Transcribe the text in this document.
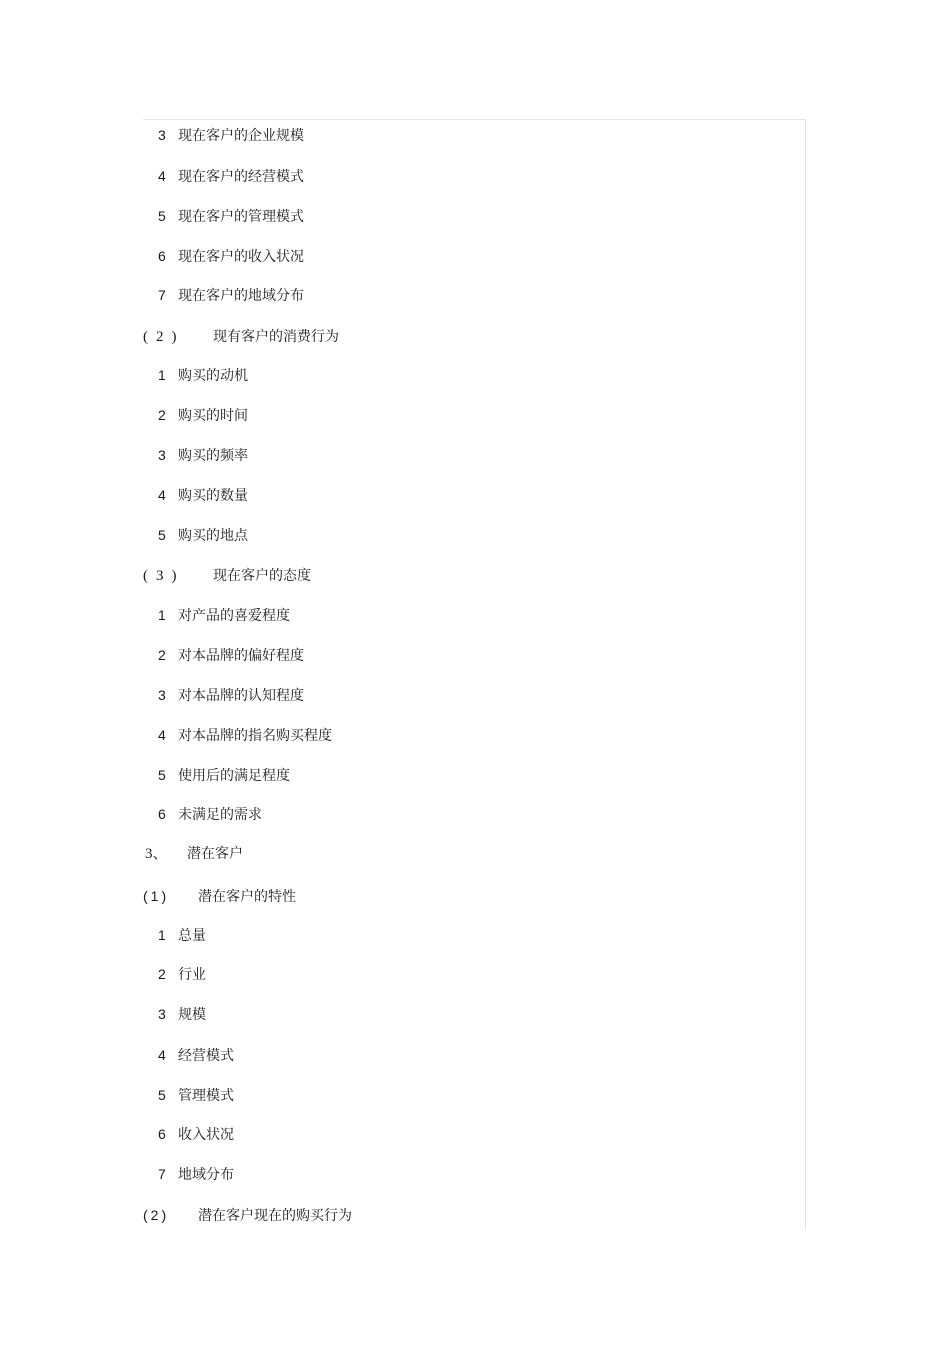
3 现在客户的企业规模
4 现在客户的经营模式
5 现在客户的管理模式
6 现在客户的收入状况
7 现在客户的地域分布
(2) 现有客户的消费行为
1 购买的动机
2 购买的时间
3 购买的频率
4 购买的数量
5 购买的地点
(3) 现在客户的态度
1 对产品的喜爱程度
2 对本品牌的偏好程度
3 对本品牌的认知程度
4 对本品牌的指名购买程度
5 使用后的满足程度
6 未满足的需求
3、 潜在客户
(1) 潜在客户的特性
1 总量
2 行业
3 规模
4 经营模式
5 管理模式
6 收入状况
7 地域分布
(2) 潜在客户现在的购买行为
